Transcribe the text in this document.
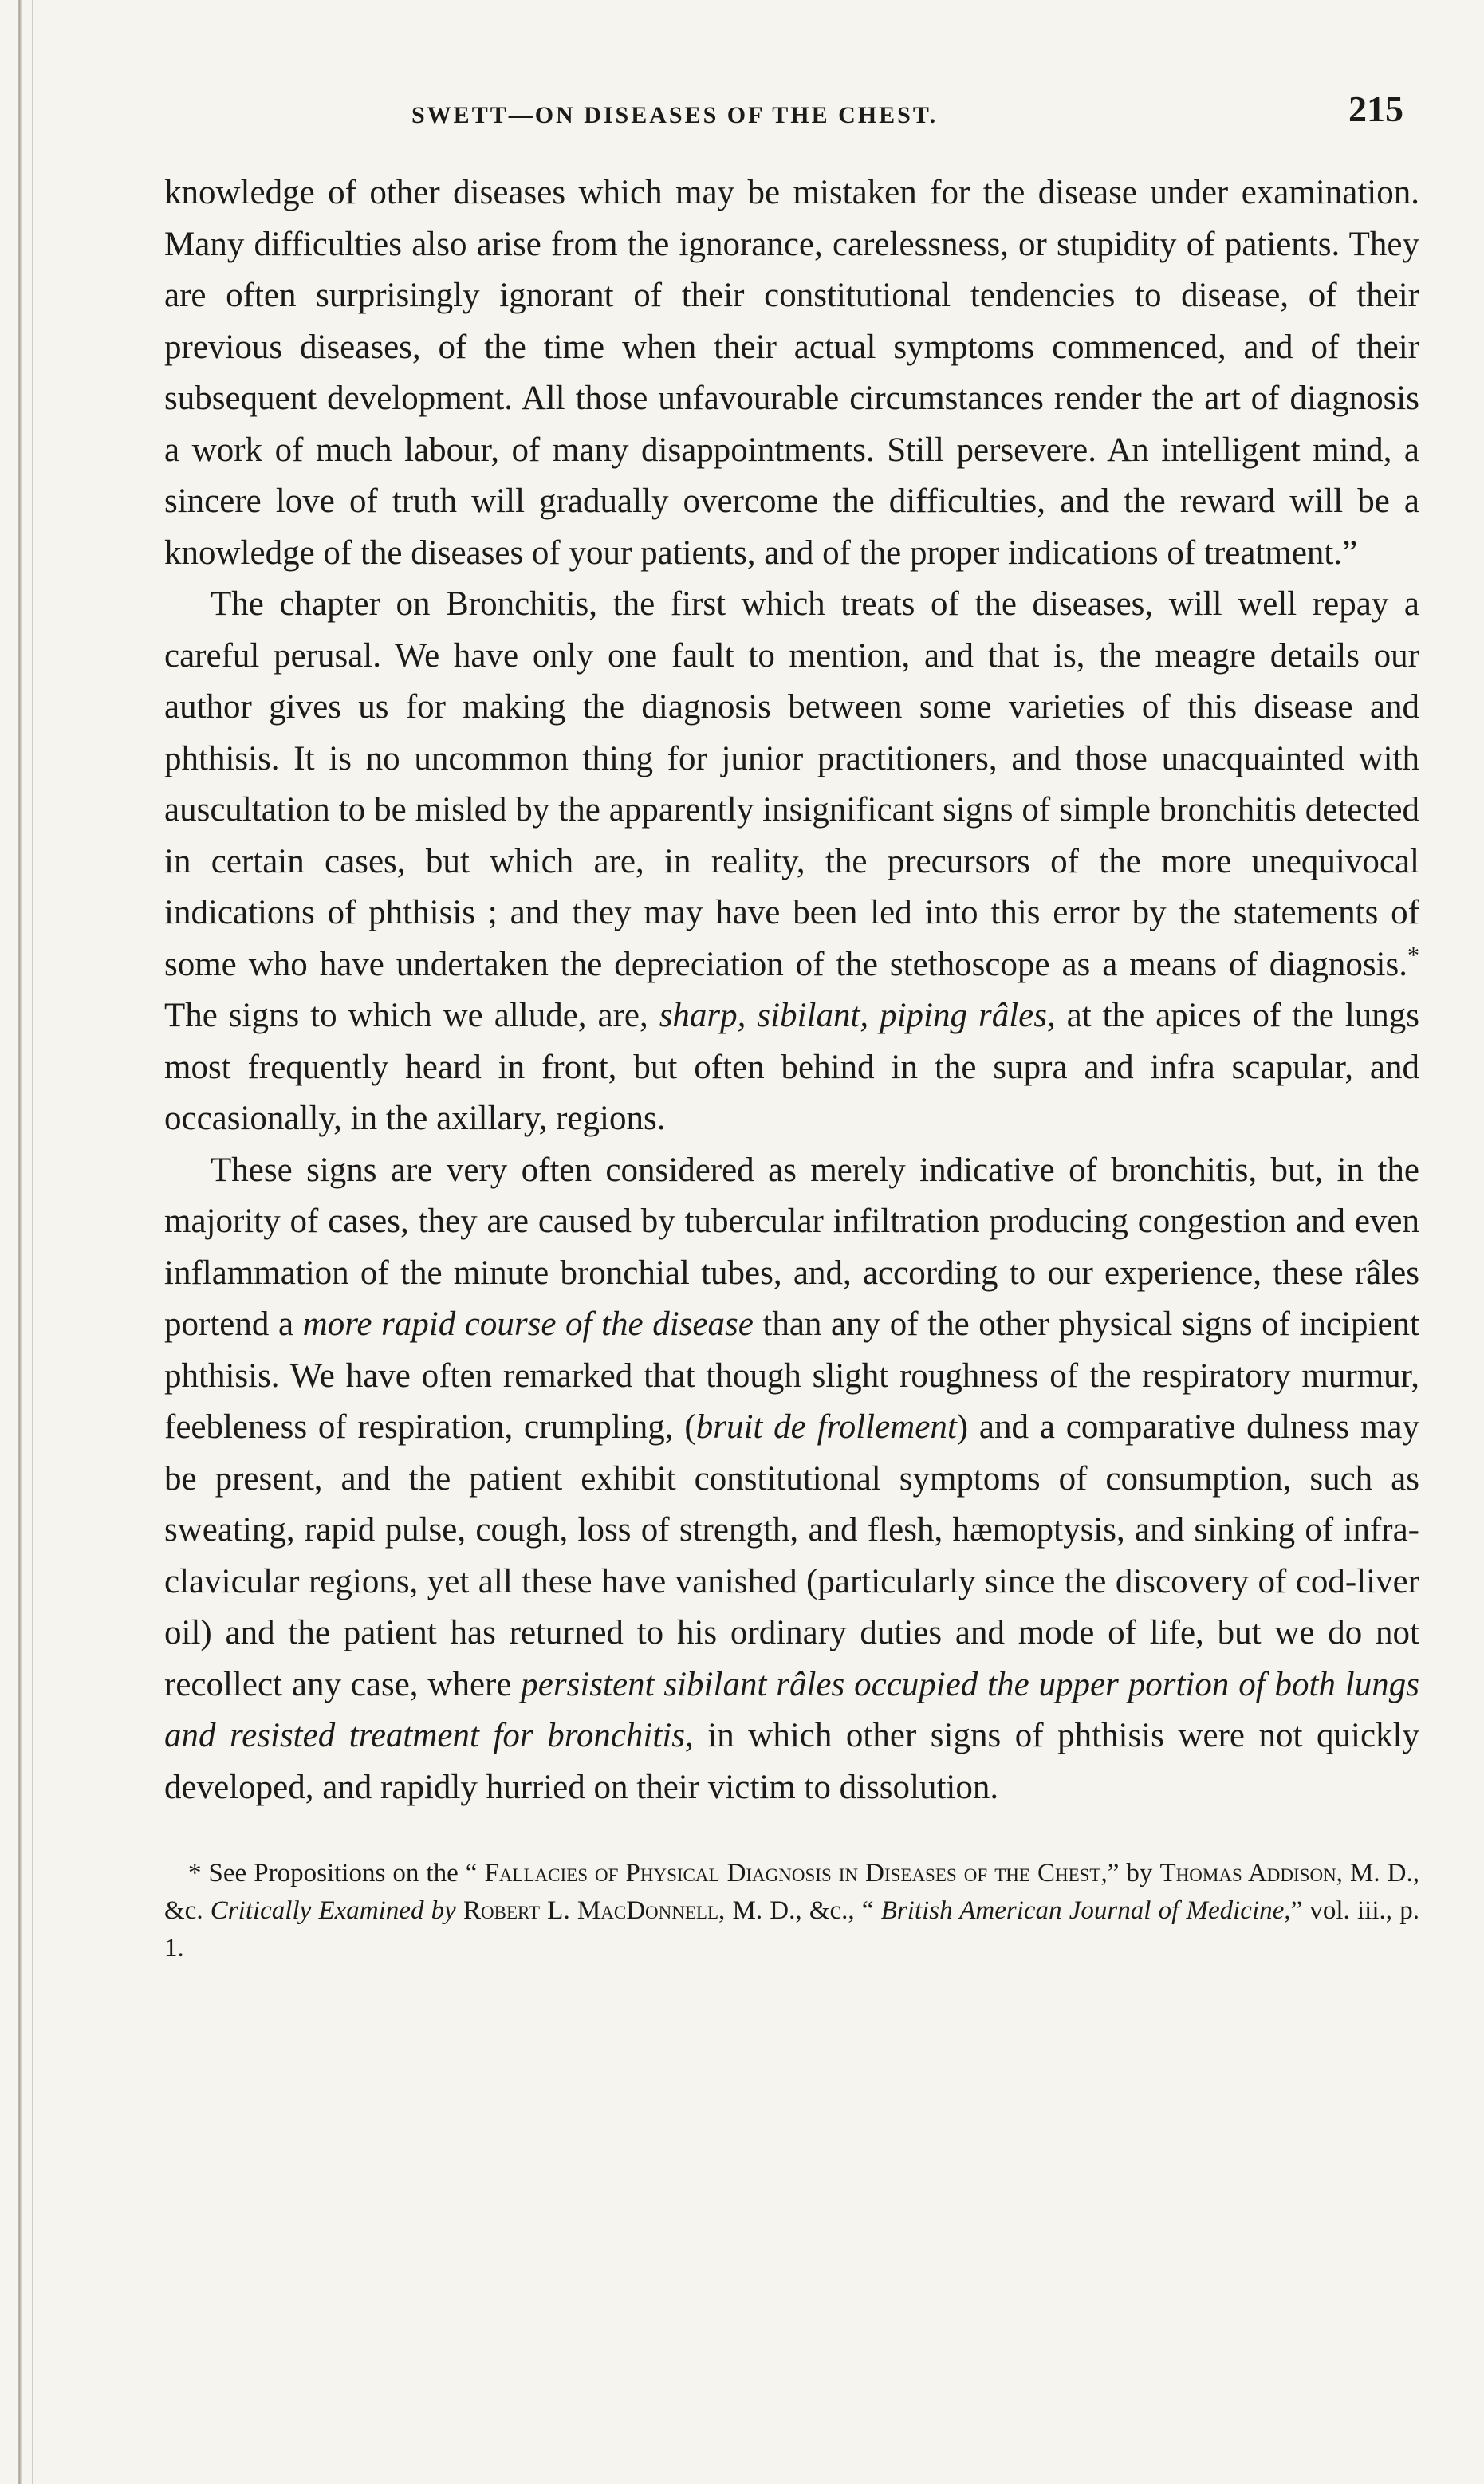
SWETT—ON DISEASES OF THE CHEST.	215

knowledge of other diseases which may be mistaken for the disease under examination. Many difficulties also arise from the ignorance, carelessness, or stupidity of patients. They are often surprisingly ignorant of their constitutional tendencies to disease, of their previous diseases, of the time when their actual symptoms commenced, and of their subsequent development. All those unfavourable circumstances render the art of diagnosis a work of much labour, of many disappointments. Still persevere. An intelligent mind, a sincere love of truth will gradually overcome the difficulties, and the reward will be a knowledge of the diseases of your patients, and of the proper indications of treatment.”

The chapter on Bronchitis, the first which treats of the diseases, will well repay a careful perusal. We have only one fault to mention, and that is, the meagre details our author gives us for making the diagnosis between some varieties of this disease and phthisis. It is no uncommon thing for junior practitioners, and those unacquainted with auscultation to be misled by the apparently insignificant signs of simple bronchitis detected in certain cases, but which are, in reality, the precursors of the more unequivocal indications of phthisis ; and they may have been led into this error by the statements of some who have undertaken the depreciation of the stethoscope as a means of diagnosis.* The signs to which we allude, are, sharp, sibilant, piping râles, at the apices of the lungs most frequently heard in front, but often behind in the supra and infra scapular, and occasionally, in the axillary, regions.

These signs are very often considered as merely indicative of bronchitis, but, in the majority of cases, they are caused by tubercular infiltration producing congestion and even inflammation of the minute bronchial tubes, and, according to our experience, these râles portend a more rapid course of the disease than any of the other physical signs of incipient phthisis. We have often remarked that though slight roughness of the respiratory murmur, feebleness of respiration, crumpling, (bruit de frollement) and a comparative dulness may be present, and the patient exhibit constitutional symptoms of consumption, such as sweating, rapid pulse, cough, loss of strength, and flesh, hæmoptysis, and sinking of infraclavicular regions, yet all these have vanished (particularly since the discovery of cod-liver oil) and the patient has returned to his ordinary duties and mode of life, but we do not recollect any case, where persistent sibilant râles occupied the upper portion of both lungs and resisted treatment for bronchitis, in which other signs of phthisis were not quickly developed, and rapidly hurried on their victim to dissolution.

* See Propositions on the “ Fallacies of Physical Diagnosis in Diseases of the Chest,” by Thomas Addison, M. D., &c. Critically Examined by Robert L. MacDonnell, M. D., &c., “ British American Journal of Medicine,” vol. iii., p. 1.
